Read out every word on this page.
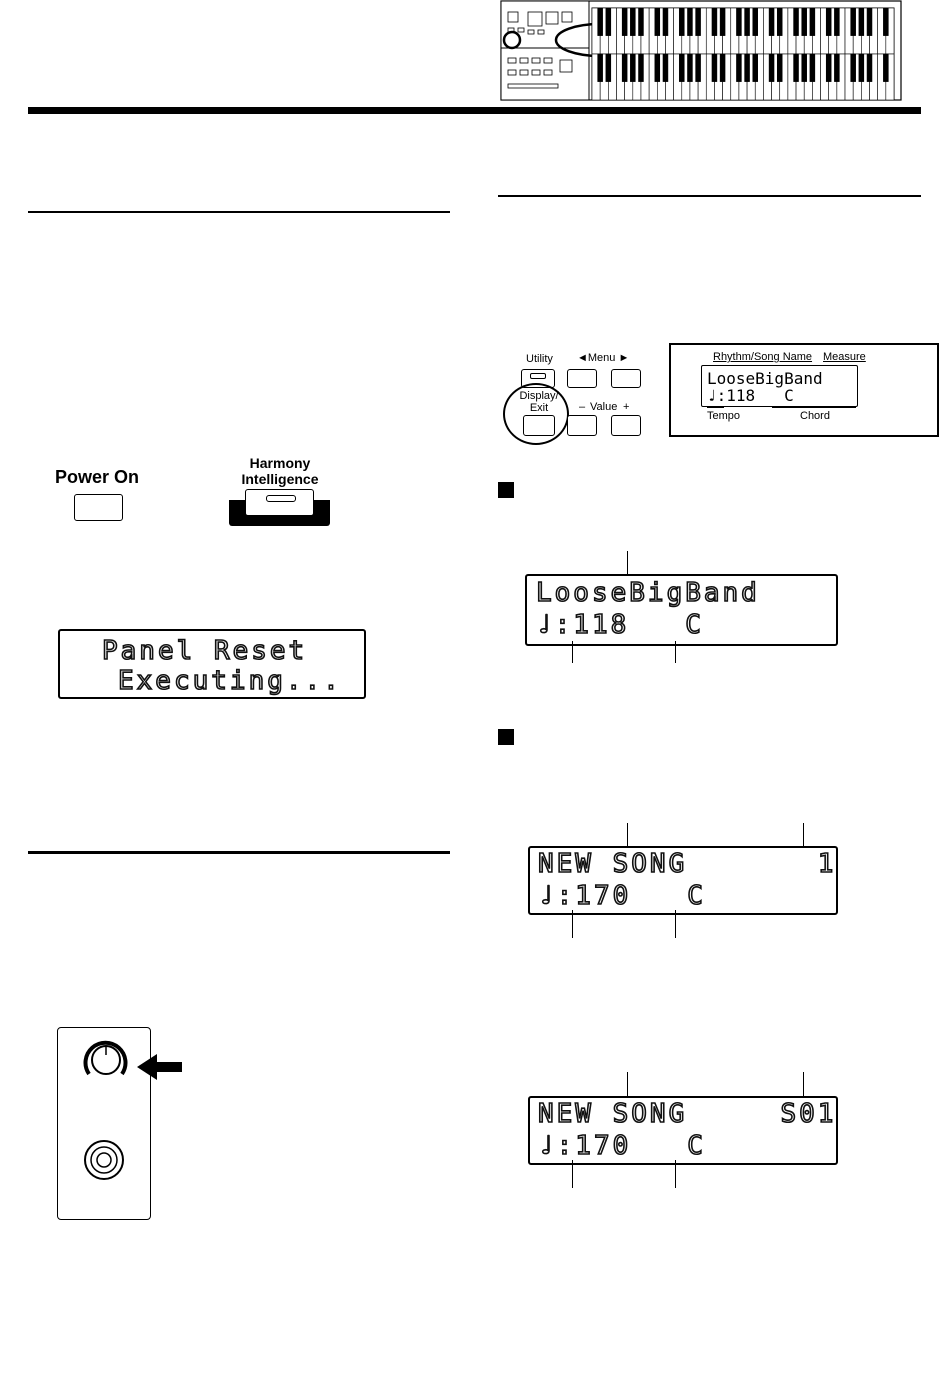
Power On
Harmony
Intelligence
Panel Reset
Executing...
Utility ◄Menu ►
Display/
Exit	– Value +
Rhythm/Song Name Measure
LooseBigBand
♩:118   C
Tempo	Chord
LooseBigBand
♩:118   C
NEW SONG       1
♩:170   C
NEW SONG     S01
♩:170   C
